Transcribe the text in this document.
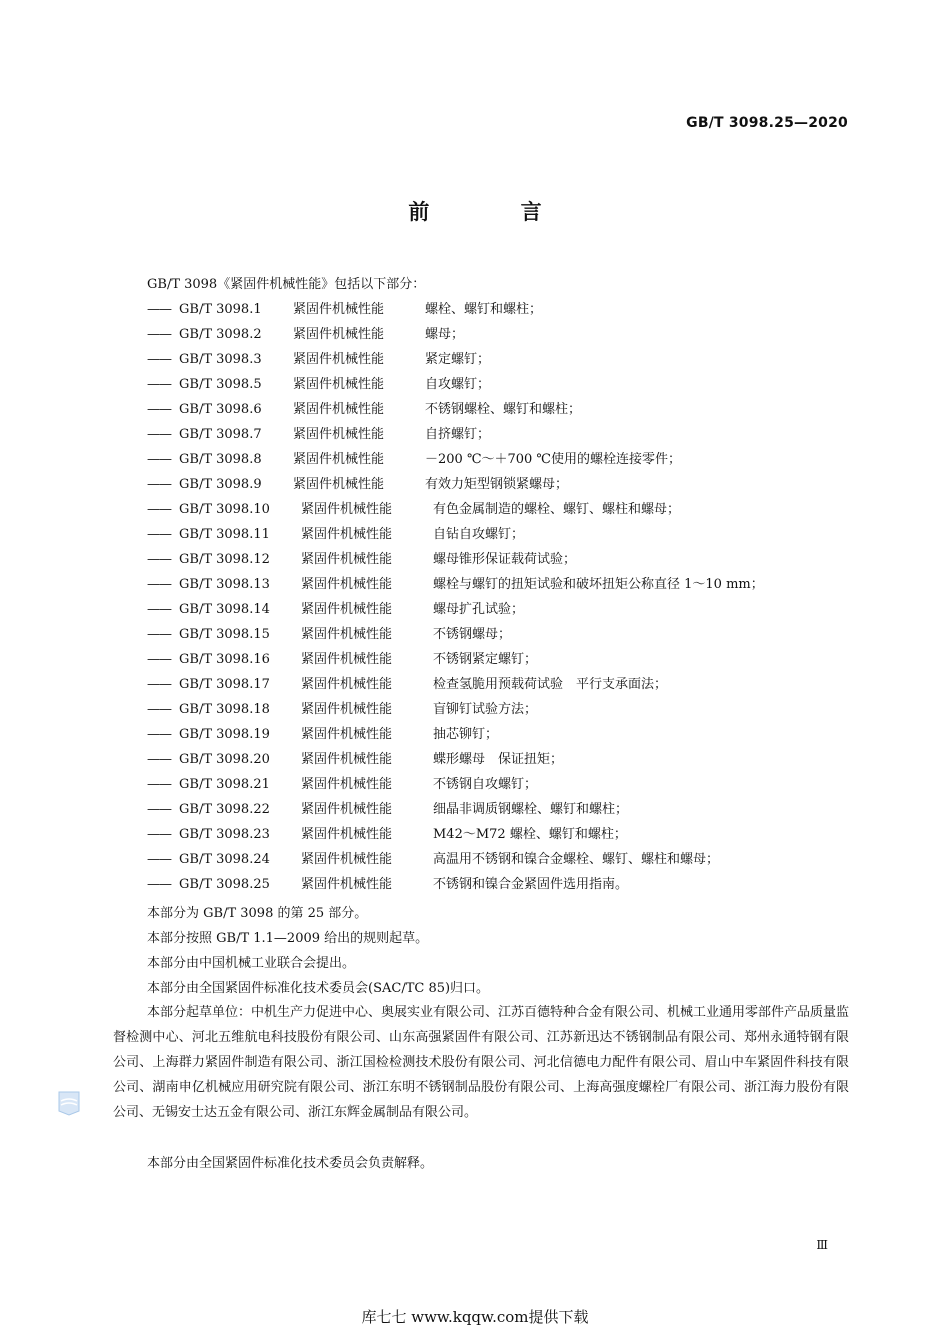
GB/T 3098.25—2020
前 言
GB/T 3098《紧固件机械性能》包括以下部分：
—— GB/T 3098.1 紧固件机械性能	螺栓、螺钉和螺柱；
—— GB/T 3098.2 紧固件机械性能	螺母；
—— GB/T 3098.3 紧固件机械性能	紧定螺钉；
—— GB/T 3098.5 紧固件机械性能	自攻螺钉；
—— GB/T 3098.6 紧固件机械性能	不锈钢螺栓、螺钉和螺柱；
—— GB/T 3098.7 紧固件机械性能	自挤螺钉；
—— GB/T 3098.8 紧固件机械性能	－200 ℃～＋700 ℃使用的螺栓连接零件；
—— GB/T 3098.9 紧固件机械性能	有效力矩型钢锁紧螺母；
—— GB/T 3098.10 紧固件机械性能	有色金属制造的螺栓、螺钉、螺柱和螺母；
—— GB/T 3098.11 紧固件机械性能	自钻自攻螺钉；
—— GB/T 3098.12 紧固件机械性能	螺母锥形保证载荷试验；
—— GB/T 3098.13 紧固件机械性能	螺栓与螺钉的扭矩试验和破坏扭矩公称直径 1～10 mm；
—— GB/T 3098.14 紧固件机械性能	螺母扩孔试验；
—— GB/T 3098.15 紧固件机械性能	不锈钢螺母；
—— GB/T 3098.16 紧固件机械性能	不锈钢紧定螺钉；
—— GB/T 3098.17 紧固件机械性能	检查氢脆用预载荷试验　平行支承面法；
—— GB/T 3098.18 紧固件机械性能	盲铆钉试验方法；
—— GB/T 3098.19 紧固件机械性能	抽芯铆钉；
—— GB/T 3098.20 紧固件机械性能	蝶形螺母　保证扭矩；
—— GB/T 3098.21 紧固件机械性能	不锈钢自攻螺钉；
—— GB/T 3098.22 紧固件机械性能	细晶非调质钢螺栓、螺钉和螺柱；
—— GB/T 3098.23 紧固件机械性能	M42～M72 螺栓、螺钉和螺柱；
—— GB/T 3098.24 紧固件机械性能	高温用不锈钢和镍合金螺栓、螺钉、螺柱和螺母；
—— GB/T 3098.25 紧固件机械性能	不锈钢和镍合金紧固件选用指南。
本部分为 GB/T 3098 的第 25 部分。
本部分按照 GB/T 1.1—2009 给出的规则起草。
本部分由中国机械工业联合会提出。
本部分由全国紧固件标准化技术委员会(SAC/TC 85)归口。

本部分起草单位：中机生产力促进中心、奥展实业有限公司、江苏百德特种合金有限公司、机械工业通用零部件产品质量监督检测中心、河北五维航电科技股份有限公司、山东高强紧固件有限公司、江苏新迅达不锈钢制品有限公司、郑州永通特钢有限公司、上海群力紧固件制造有限公司、浙江国检检测技术股份有限公司、河北信德电力配件有限公司、眉山中车紧固件科技有限公司、湖南申亿机械应用研究院有限公司、浙江东明不锈钢制品股份有限公司、上海高强度螺栓厂有限公司、浙江海力股份有限公司、无锡安士达五金有限公司、浙江东辉金属制品有限公司。

本部分由全国紧固件标准化技术委员会负责解释。
Ⅲ
库七七 www.kqqw.com提供下载
